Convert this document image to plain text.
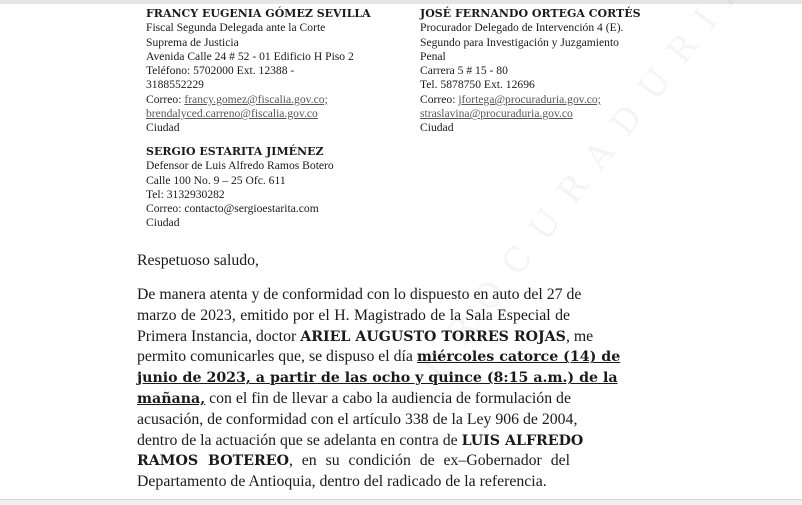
FRANCY EUGENIA GÓMEZ SEVILLA
Fiscal Segunda Delegada ante la Corte
Suprema de Justicia
Avenida Calle 24 # 52 - 01 Edificio H Piso 2
Teléfono: 5702000 Ext. 12388 -
3188552229
Correo: francy.gomez@fiscalia.gov.co;
brendalyced.carreno@fiscalia.gov.co
Ciudad
JOSÉ FERNANDO ORTEGA CORTÉS
Procurador Delegado de Intervención 4 (E).
Segundo para Investigación y Juzgamiento
Penal
Carrera 5 # 15 - 80
Tel. 5878750 Ext. 12696
Correo: jfortega@procuraduria.gov.co;
straslavina@procuraduria.gov.co
Ciudad
SERGIO ESTARITA JIMÉNEZ
Defensor de Luis Alfredo Ramos Botero
Calle 100 No. 9 – 25 Ofc. 611
Tel: 3132930282
Correo: contacto@sergioestarita.com
Ciudad
Respetuoso saludo,
De manera atenta y de conformidad con lo dispuesto en auto del 27 de
marzo de 2023, emitido por el H. Magistrado de la Sala Especial de
Primera Instancia, doctor ARIEL AUGUSTO TORRES ROJAS, me
permito comunicarles que, se dispuso el día miércoles catorce (14) de
junio de 2023, a partir de las ocho y quince (8:15 a.m.) de la
mañana, con el fin de llevar a cabo la audiencia de formulación de
acusación, de conformidad con el artículo 338 de la Ley 906 de 2004,
dentro de la actuación que se adelanta en contra de LUIS ALFREDO
RAMOS BOTEREO, en su condición de ex–Gobernador del
Departamento de Antioquia, dentro del radicado de la referencia.
